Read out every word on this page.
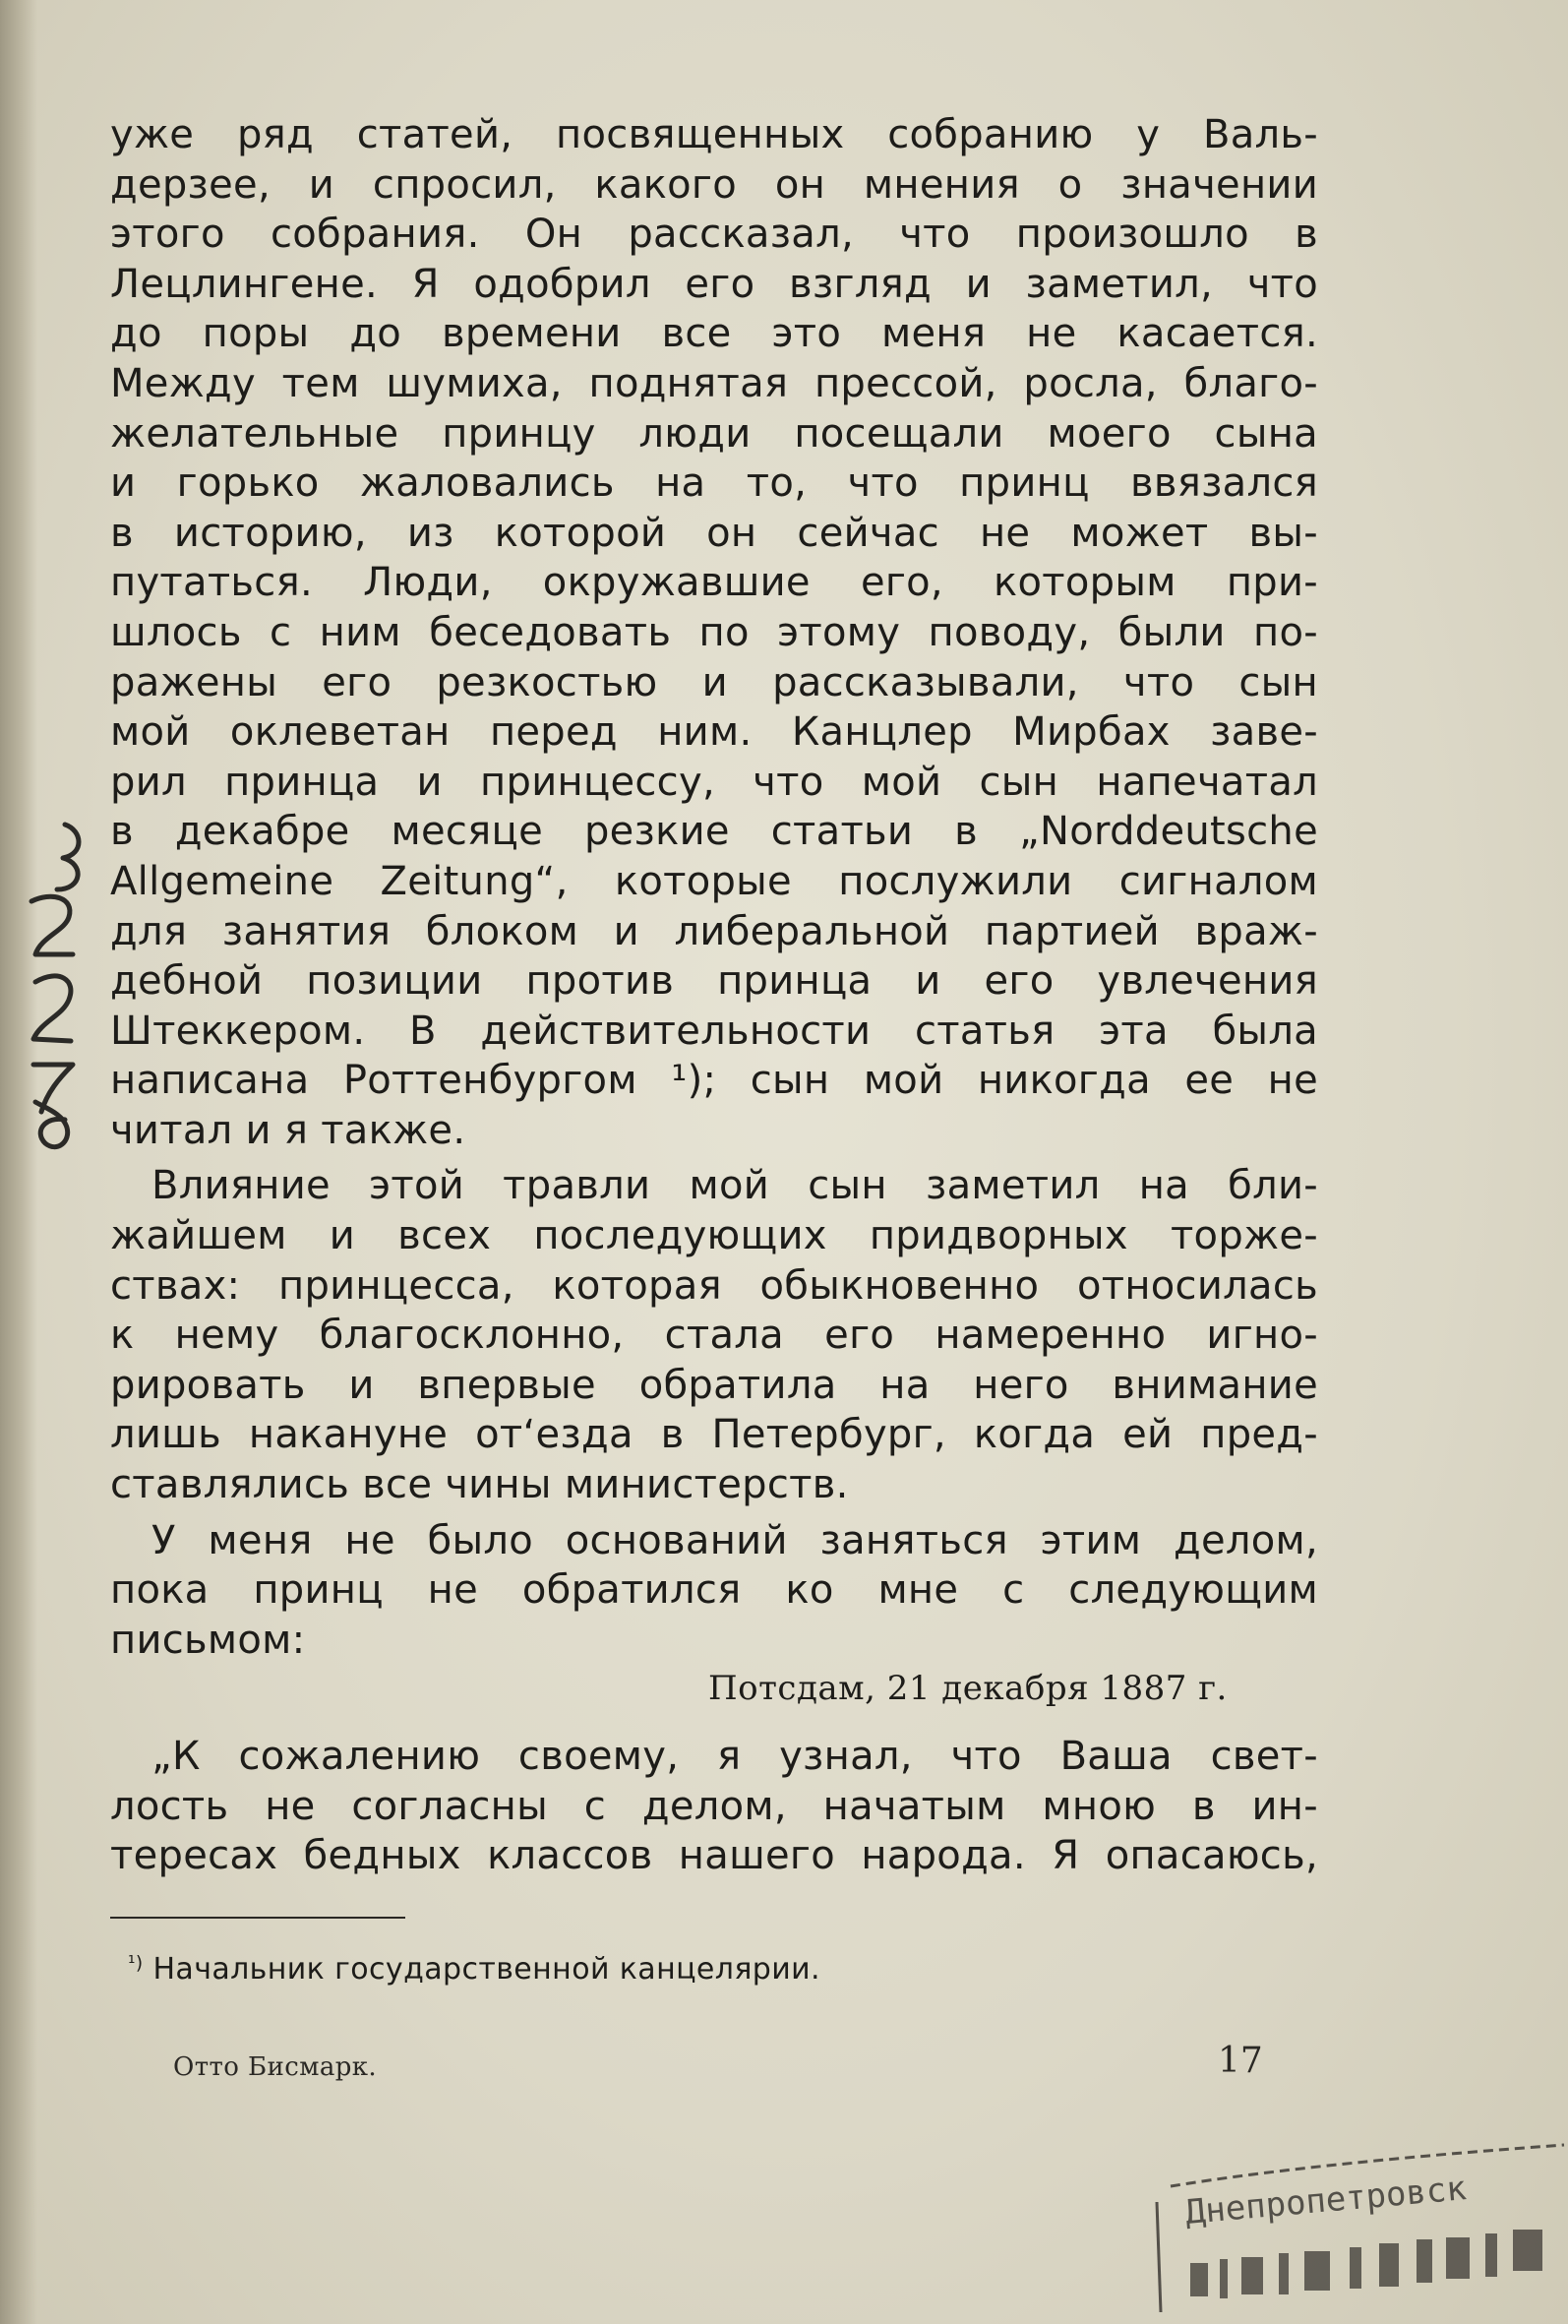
уже ряд статей, посвященных собранию у Валь-
дерзее, и спросил, какого он мнения о значении
этого собрания. Он рассказал, что произошло в
Лецлингене. Я одобрил его взгляд и заметил, что
до поры до времени все это меня не касается.
Между тем шумиха, поднятая прессой, росла, благо-
желательные принцу люди посещали моего сына
и горько жаловались на то, что принц ввязался
в историю, из которой он сейчас не может вы-
путаться. Люди, окружавшие его, которым при-
шлось с ним беседовать по этому поводу, были по-
ражены его резкостью и рассказывали, что сын
мой оклеветан перед ним. Канцлер Мирбах заве-
рил принца и принцессу, что мой сын напечатал
в декабре месяце резкие статьи в „Norddeutsche
Allgemeine Zeitung“, которые послужили сигналом
для занятия блоком и либеральной партией враж-
дебной позиции против принца и его увлечения
Штеккером. В действительности статья эта была
написана Роттенбургом ¹); сын мой никогда ее не
читал и я также.
Влияние этой травли мой сын заметил на бли-
жайшем и всех последующих придворных торже-
ствах: принцесса, которая обыкновенно относилась
к нему благосклонно, стала его намеренно игно-
рировать и впервые обратила на него внимание
лишь накануне от‘езда в Петербург, когда ей пред-
ставлялись все чины министерств.
У меня не было оснований заняться этим делом,
пока принц не обратился ко мне с следующим
письмом:
Потсдам, 21 декабря 1887 г.
„К сожалению своему, я узнал, что Ваша свет-
лость не согласны с делом, начатым мною в ин-
тересах бедных классов нашего народа. Я опасаюсь,
$^{^1)}$ Начальник государственной канцелярии.
Отто Бисмарк.	17
Днепропетровск
